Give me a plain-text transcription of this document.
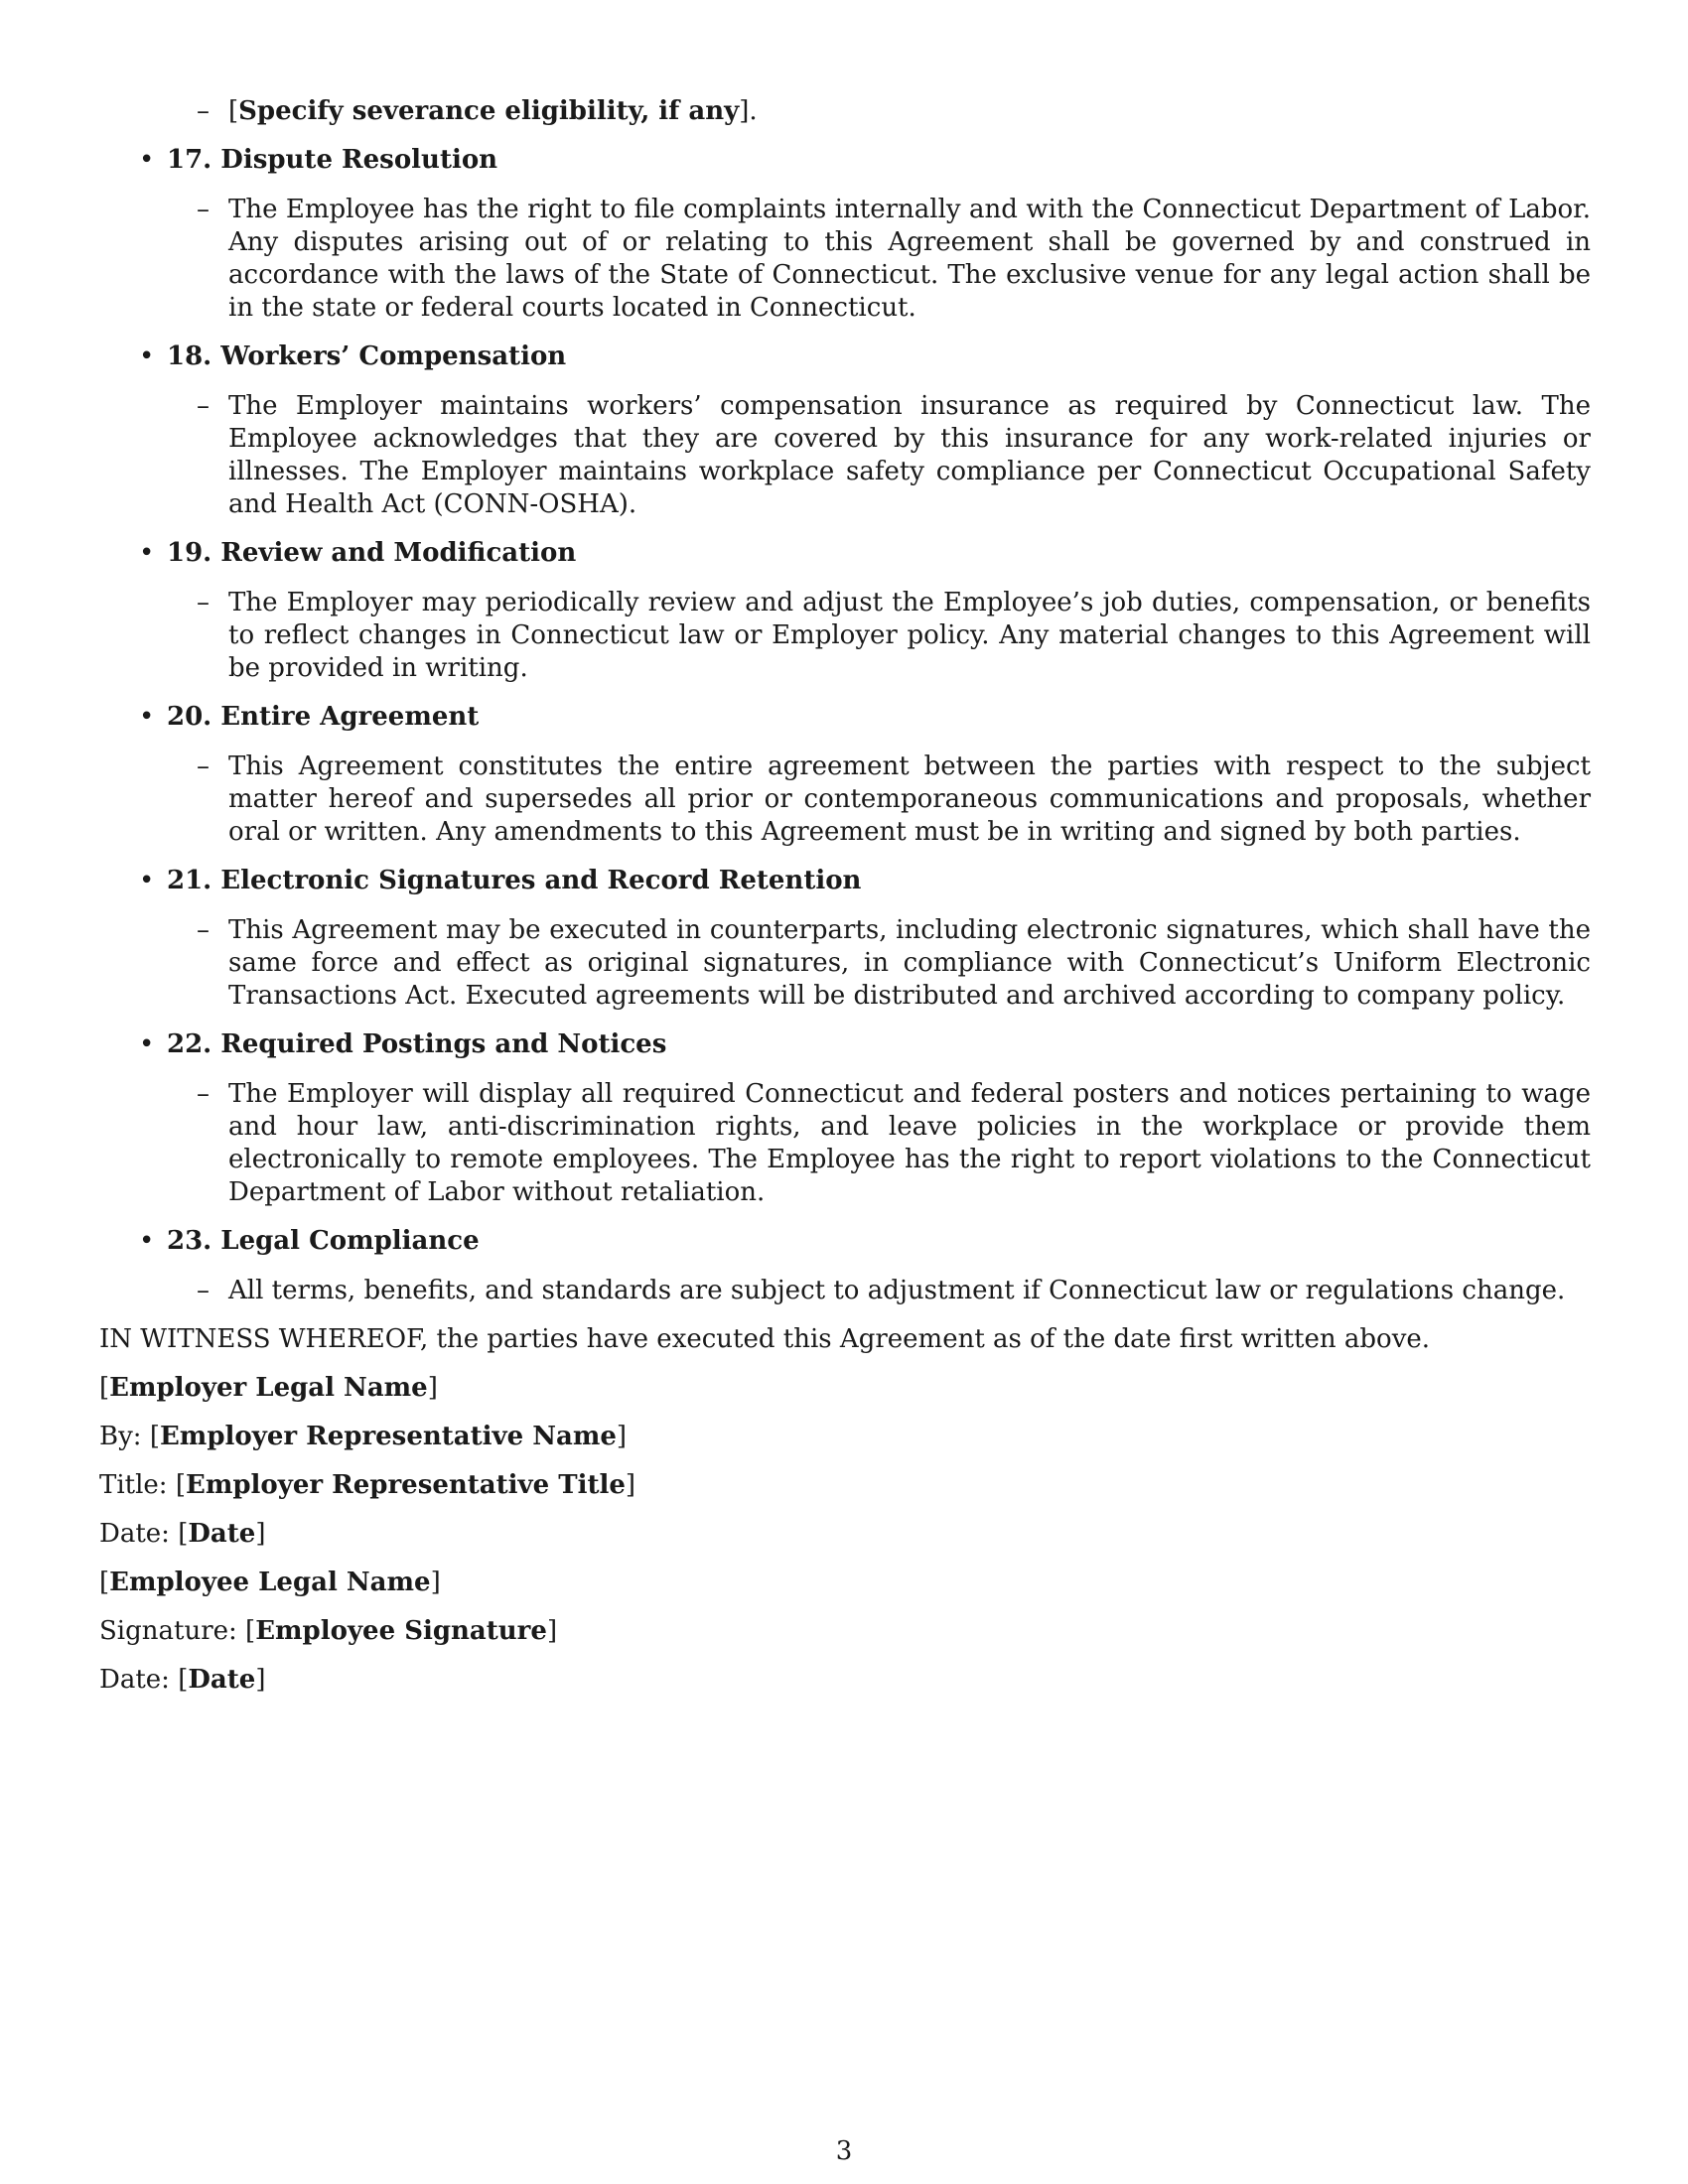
– [Specify severance eligibility, if any].

• 17. Dispute Resolution
– The Employee has the right to file complaints internally and with the Connecticut Department of Labor. Any disputes arising out of or relating to this Agreement shall be governed by and construed in accordance with the laws of the State of Connecticut. The exclusive venue for any legal action shall be in the state or federal courts located in Connecticut.
• 18. Workers’ Compensation
– The Employer maintains workers’ compensation insurance as required by Connecticut law. The Employee acknowledges that they are covered by this insurance for any work-related injuries or illnesses. The Employer maintains workplace safety compliance per Connecticut Occupational Safety and Health Act (CONN-OSHA).
• 19. Review and Modification
– The Employer may periodically review and adjust the Employee’s job duties, compensation, or benefits to reflect changes in Connecticut law or Employer policy. Any material changes to this Agreement will be provided in writing.
• 20. Entire Agreement
– This Agreement constitutes the entire agreement between the parties with respect to the subject matter hereof and supersedes all prior or contemporaneous communications and proposals, whether oral or written. Any amendments to this Agreement must be in writing and signed by both parties.
• 21. Electronic Signatures and Record Retention
– This Agreement may be executed in counterparts, including electronic signatures, which shall have the same force and effect as original signatures, in compliance with Connecticut’s Uniform Electronic Transactions Act. Executed agreements will be distributed and archived according to company policy.
• 22. Required Postings and Notices
– The Employer will display all required Connecticut and federal posters and notices pertaining to wage and hour law, anti-discrimination rights, and leave policies in the workplace or provide them electronically to remote employees. The Employee has the right to report violations to the Connecticut Department of Labor without retaliation.
• 23. Legal Compliance
– All terms, benefits, and standards are subject to adjustment if Connecticut law or regulations change.

IN WITNESS WHEREOF, the parties have executed this Agreement as of the date first written above.

[Employer Legal Name]

By: [Employer Representative Name]

Title: [Employer Representative Title]

Date: [Date]

[Employee Legal Name]

Signature: [Employee Signature]

Date: [Date]

3
